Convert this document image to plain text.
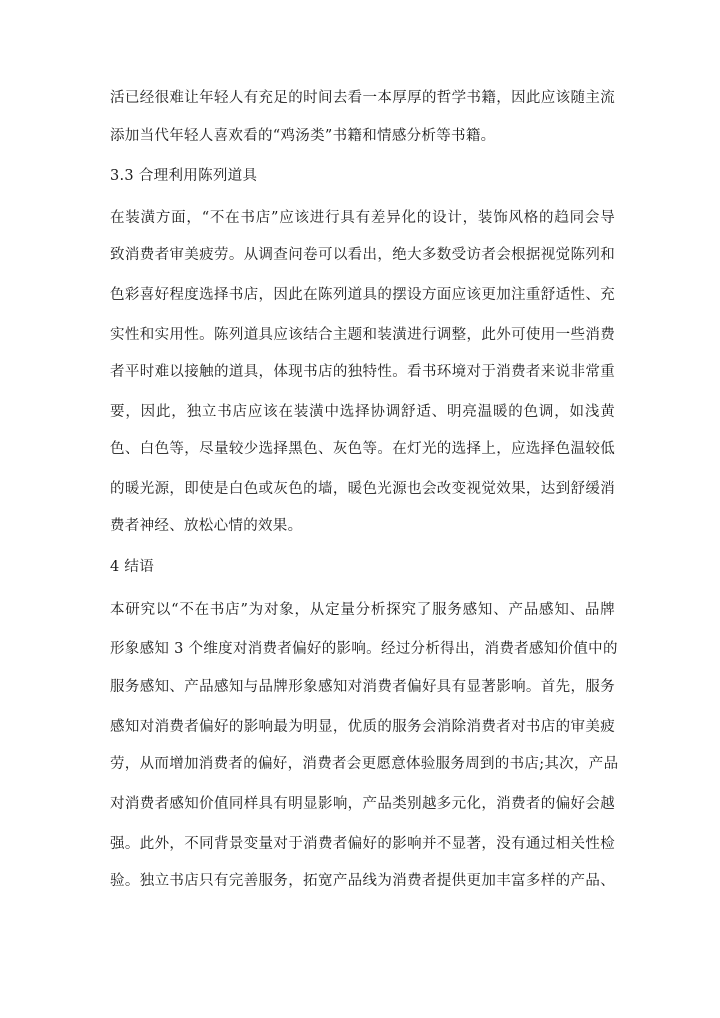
活已经很难让年轻人有充足的时间去看一本厚厚的哲学书籍，因此应该随主流
添加当代年轻人喜欢看的“鸡汤类”书籍和情感分析等书籍。
3.3 合理利用陈列道具
在装潢方面，“不在书店”应该进行具有差异化的设计，装饰风格的趋同会导
致消费者审美疲劳。从调查问卷可以看出，绝大多数受访者会根据视觉陈列和
色彩喜好程度选择书店，因此在陈列道具的摆设方面应该更加注重舒适性、充
实性和实用性。陈列道具应该结合主题和装潢进行调整，此外可使用一些消费
者平时难以接触的道具，体现书店的独特性。看书环境对于消费者来说非常重
要，因此，独立书店应该在装潢中选择协调舒适、明亮温暖的色调，如浅黄
色、白色等，尽量较少选择黑色、灰色等。在灯光的选择上，应选择色温较低
的暖光源，即使是白色或灰色的墙，暖色光源也会改变视觉效果，达到舒缓消
费者神经、放松心情的效果。
4 结语
本研究以“不在书店”为对象，从定量分析探究了服务感知、产品感知、品牌
形象感知 3 个维度对消费者偏好的影响。经过分析得出，消费者感知价值中的
服务感知、产品感知与品牌形象感知对消费者偏好具有显著影响。首先，服务
感知对消费者偏好的影响最为明显，优质的服务会消除消费者对书店的审美疲
劳，从而增加消费者的偏好，消费者会更愿意体验服务周到的书店;其次，产品
对消费者感知价值同样具有明显影响，产品类别越多元化，消费者的偏好会越
强。此外，不同背景变量对于消费者偏好的影响并不显著，没有通过相关性检
验。独立书店只有完善服务，拓宽产品线为消费者提供更加丰富多样的产品、
